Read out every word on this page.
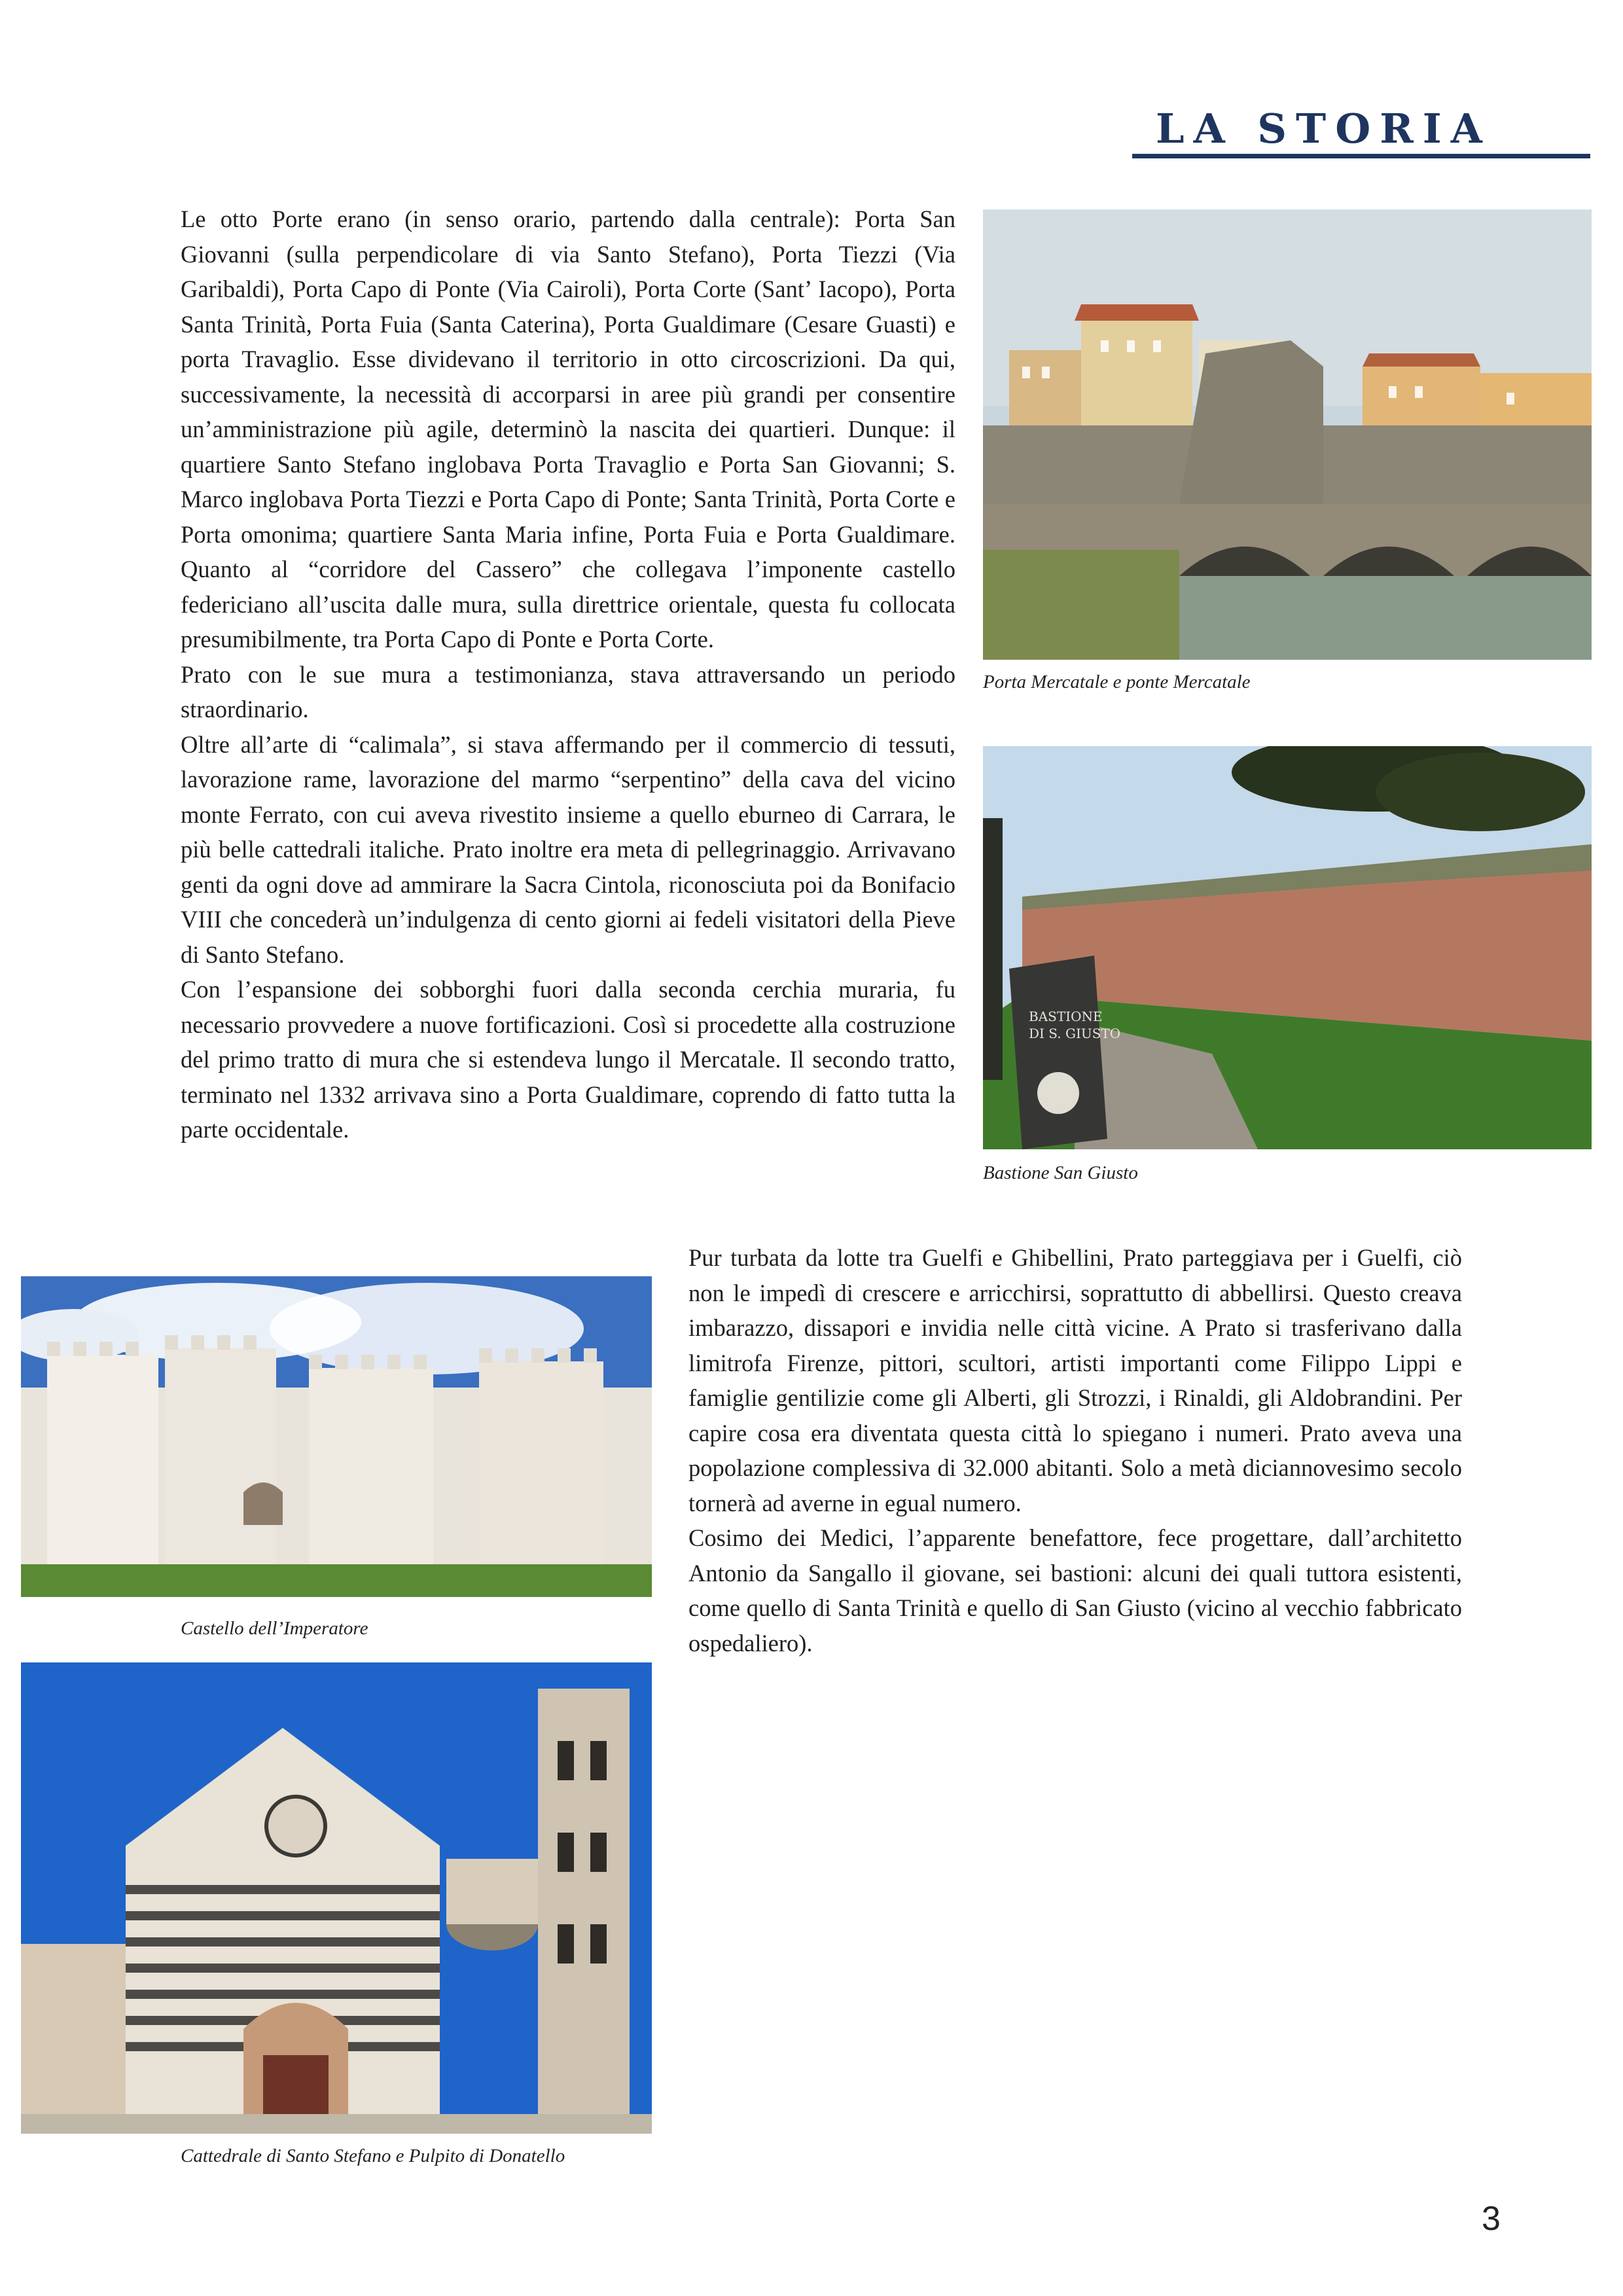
LA STORIA

Le otto Porte erano (in senso orario, partendo dalla centrale): Porta San Giovanni (sulla perpendicolare di via Santo Stefano), Porta Tiezzi (Via Garibaldi), Porta Capo di Ponte (Via Cairoli), Porta Corte (Sant’ Iacopo), Porta Santa Trinità, Porta Fuia (Santa Caterina), Porta Gualdimare (Cesare Guasti) e porta Travaglio. Esse dividevano il territorio in otto circoscrizioni. Da qui, successivamente, la necessità di accorparsi in aree più grandi per consentire un’amministrazione più agile, determinò la nascita dei quartieri. Dunque: il quartiere Santo Stefano inglobava Porta Travaglio e Porta San Giovanni; S. Marco inglobava Porta Tiezzi e Porta Capo di Ponte; Santa Trinità, Porta Corte e Porta omonima; quartiere Santa Maria infine, Porta Fuia e Porta Gualdimare. Quanto al “corridore del Cassero” che collegava l’imponente castello federiciano all’uscita dalle mura, sulla direttrice orientale, questa fu collocata presumibilmente, tra Porta Capo di Ponte e Porta Corte.

Prato con le sue mura a testimonianza, stava attraversando un periodo straordinario.

Oltre all’arte di “calimala”, si stava affermando per il commercio di tessuti, lavorazione rame, lavorazione del marmo “serpentino” della cava del vicino monte Ferrato, con cui aveva rivestito insieme a quello eburneo di Carrara, le più belle cattedrali italiche. Prato inoltre era meta di pellegrinaggio. Arrivavano genti da ogni dove ad ammirare la Sacra Cintola, riconosciuta poi da Bonifacio VIII che concederà un’indulgenza di cento giorni ai fedeli visitatori della Pieve di Santo Stefano.

Con l’espansione dei sobborghi fuori dalla seconda cerchia muraria, fu necessario provvedere a nuove fortificazioni. Così si procedette alla costruzione del primo tratto di mura che si estendeva lungo il Mercatale. Il secondo tratto, terminato nel 1332 arrivava sino a Porta Gualdimare, coprendo di fatto tutta la parte occidentale.

Pur turbata da lotte tra Guelfi e Ghibellini, Prato parteggiava per i Guelfi, ciò non le impedì di crescere e arricchirsi, soprattutto di abbellirsi. Questo creava imbarazzo, dissapori e invidia nelle città vicine. A Prato si trasferivano dalla limitrofa Firenze, pittori, scultori, artisti importanti come Filippo Lippi e famiglie gentilizie come gli Alberti, gli Strozzi, i Rinaldi, gli Aldobrandini. Per capire cosa era diventata questa città lo spiegano i numeri. Prato aveva una popolazione complessiva di 32.000 abitanti. Solo a metà diciannovesimo secolo tornerà ad averne in egual numero.

Cosimo dei Medici, l’apparente benefattore, fece progettare, dall’architetto Antonio da Sangallo il giovane, sei bastioni: alcuni dei quali tuttora esistenti, come quello di Santa Trinità e quello di San Giusto (vicino al vecchio fabbricato ospedaliero).

Porta Mercatale e ponte Mercatale
BASTIONE
DI S. GIUSTO
Bastione San Giusto
Castello dell’Imperatore
Cattedrale di Santo Stefano e Pulpito di Donatello
3
